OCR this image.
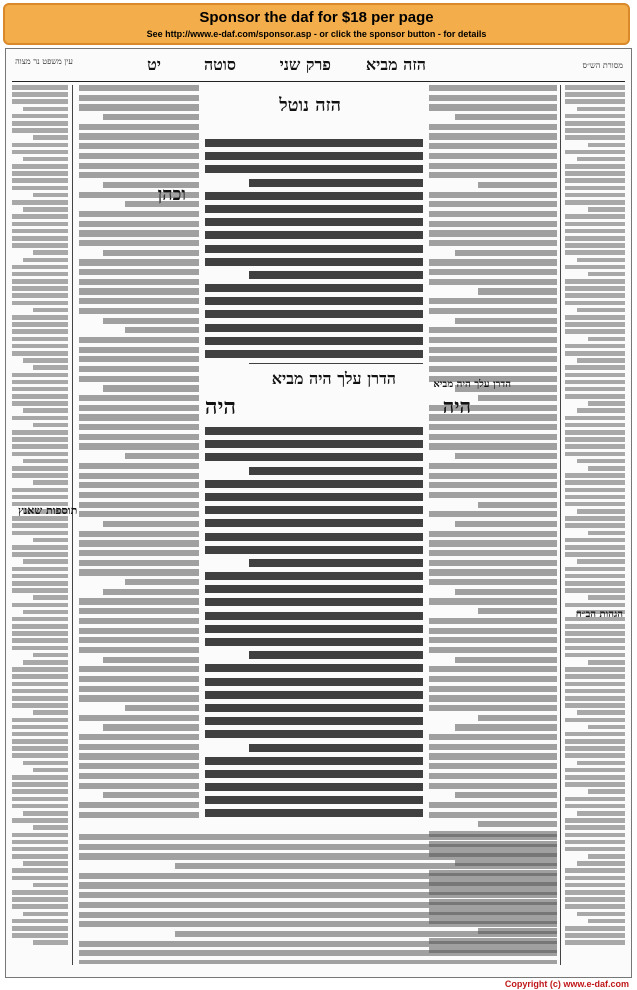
Sponsor the daf for $18 per page
See http://www.e-daf.com/sponsor.asp - or click the sponsor button - for details
מסורת הש״ס
הזה מביא
פרק שני
סוטה
יט
עין משפט נר מצוה
הדרן עלך היה מביא
היה
הגהות הב״ח
הזה נוטל
הדרן עלך היה מביא
היה
תוספות שאנץ
Copyright (c) www.e-daf.com
